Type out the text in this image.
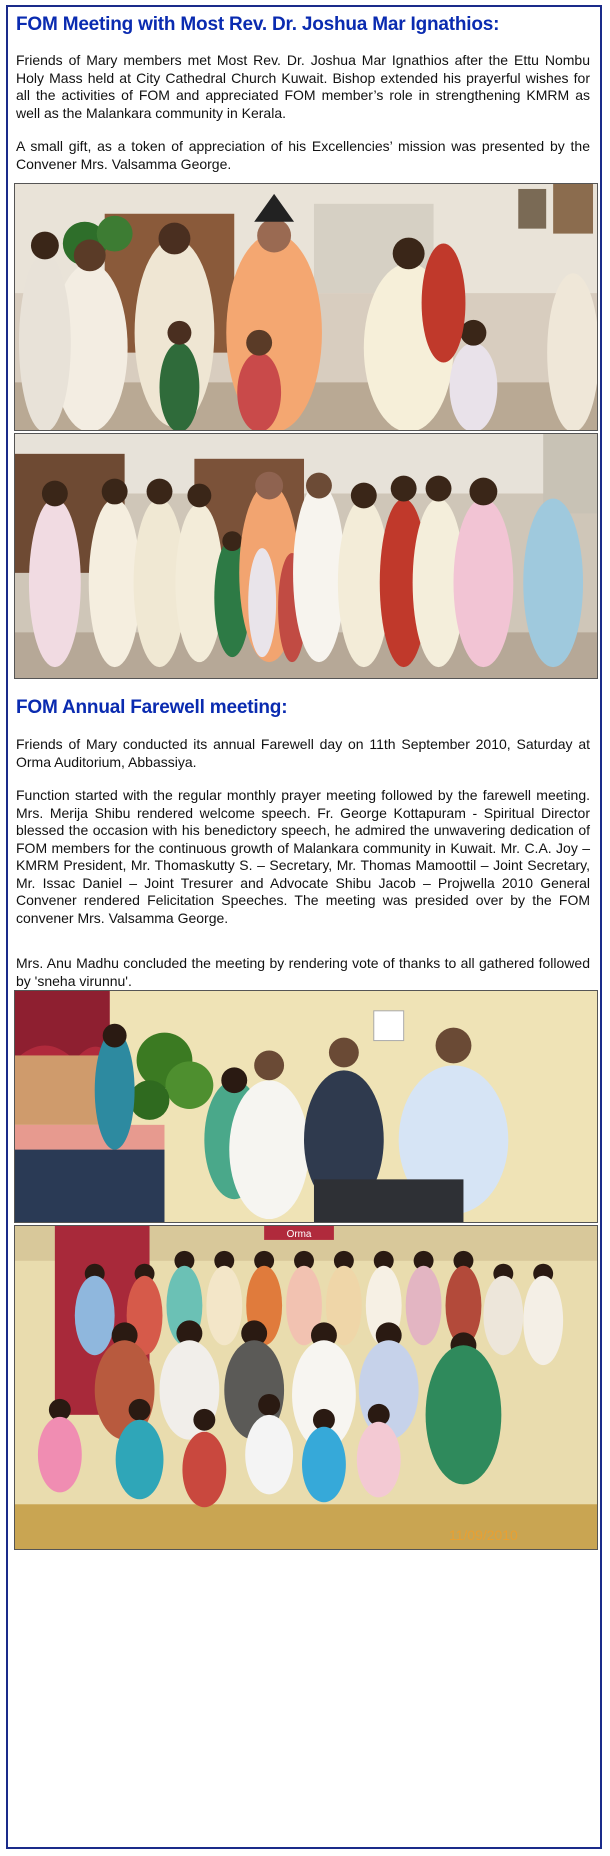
FOM Meeting with Most Rev. Dr. Joshua Mar Ignathios:

Friends of Mary members met Most Rev. Dr. Joshua Mar Ignathios after the Ettu Nombu Holy Mass held at City Cathedral Church Kuwait. Bishop extended his prayerful wishes for all the activities of FOM and appreciated FOM member’s role in strengthening KMRM as well as the Malankara community in Kerala.

A small gift, as a token of appreciation of his Excellencies’ mission was presented by the Convener Mrs. Valsamma George.

FOM Annual Farewell meeting:

Friends of Mary conducted its annual Farewell day on 11th September 2010, Saturday at Orma Auditorium, Abbassiya.

Function started with the regular monthly prayer meeting followed by the farewell meeting. Mrs. Merija Shibu rendered welcome speech. Fr. George Kottapuram - Spiritual Director blessed the occasion with his benedictory speech, he admired the unwavering dedication of FOM members for the continuous growth of Malankara community in Kuwait. Mr. C.A. Joy – KMRM President, Mr. Thomaskutty S. – Secretary, Mr. Thomas Mamoottil – Joint Secretary, Mr. Issac Daniel – Joint Tresurer and Advocate Shibu Jacob – Projwella 2010 General Convener rendered Felicitation Speeches. The meeting was presided over by the FOM convener Mrs. Valsamma George.

Mrs. Anu Madhu concluded the meeting by rendering vote of thanks to all gathered followed by 'sneha virunnu'.

Orma
11/09/2010
